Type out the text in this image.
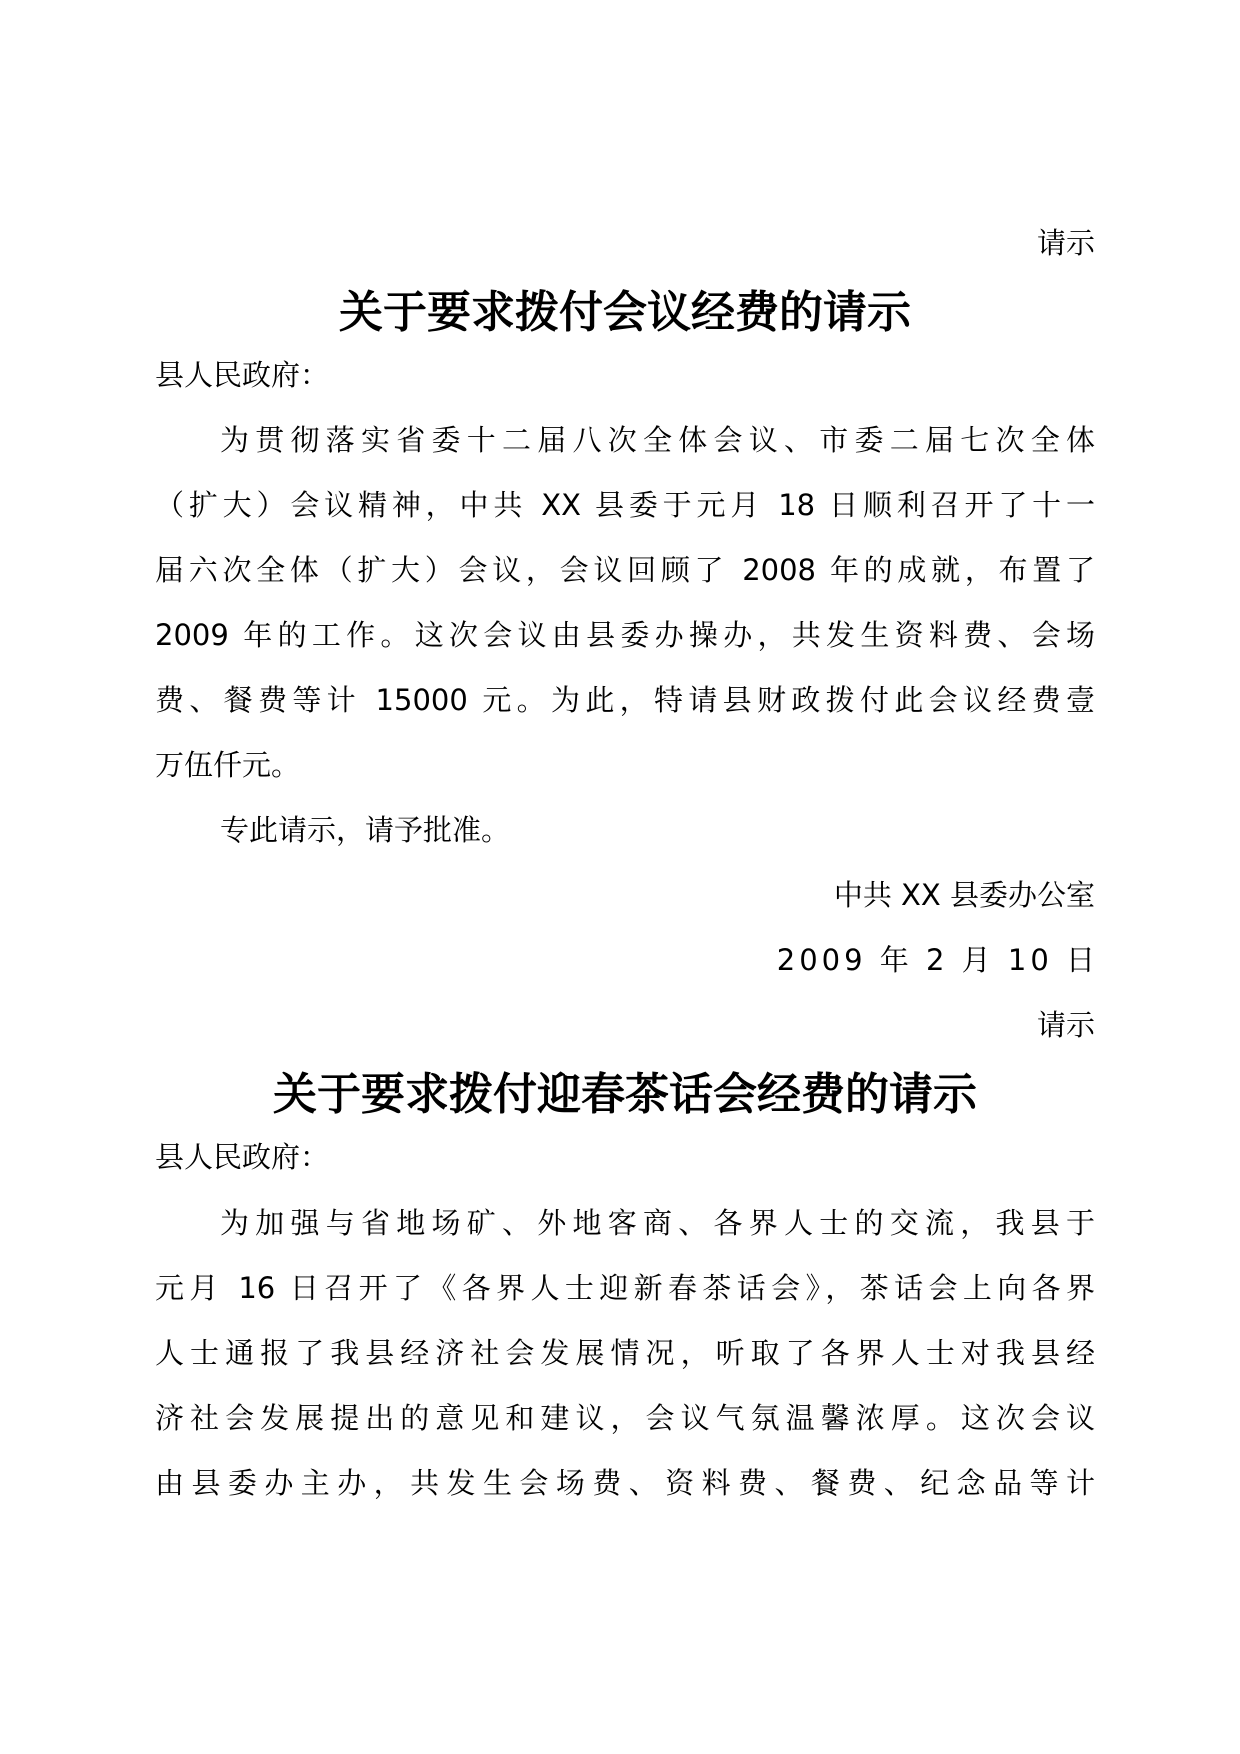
请示
关于要求拨付会议经费的请示
县人民政府：
为贯彻落实省委十二届八次全体会议、市委二届七次全体
（扩大）会议精神，中共 XX 县委于元月 18 日顺利召开了十一
届六次全体（扩大）会议，会议回顾了 2008 年的成就，布置了
2009 年的工作。这次会议由县委办操办，共发生资料费、会场
费、餐费等计 15000 元。为此，特请县财政拨付此会议经费壹
万伍仟元。
专此请示，请予批准。
中共 XX 县委办公室
2009 年 2 月 10 日
请示
关于要求拨付迎春茶话会经费的请示
县人民政府：
为加强与省地场矿、外地客商、各界人士的交流，我县于
元月 16 日召开了《各界人士迎新春茶话会》，茶话会上向各界
人士通报了我县经济社会发展情况，听取了各界人士对我县经
济社会发展提出的意见和建议，会议气氛温馨浓厚。这次会议
由县委办主办，共发生会场费、资料费、餐费、纪念品等计
